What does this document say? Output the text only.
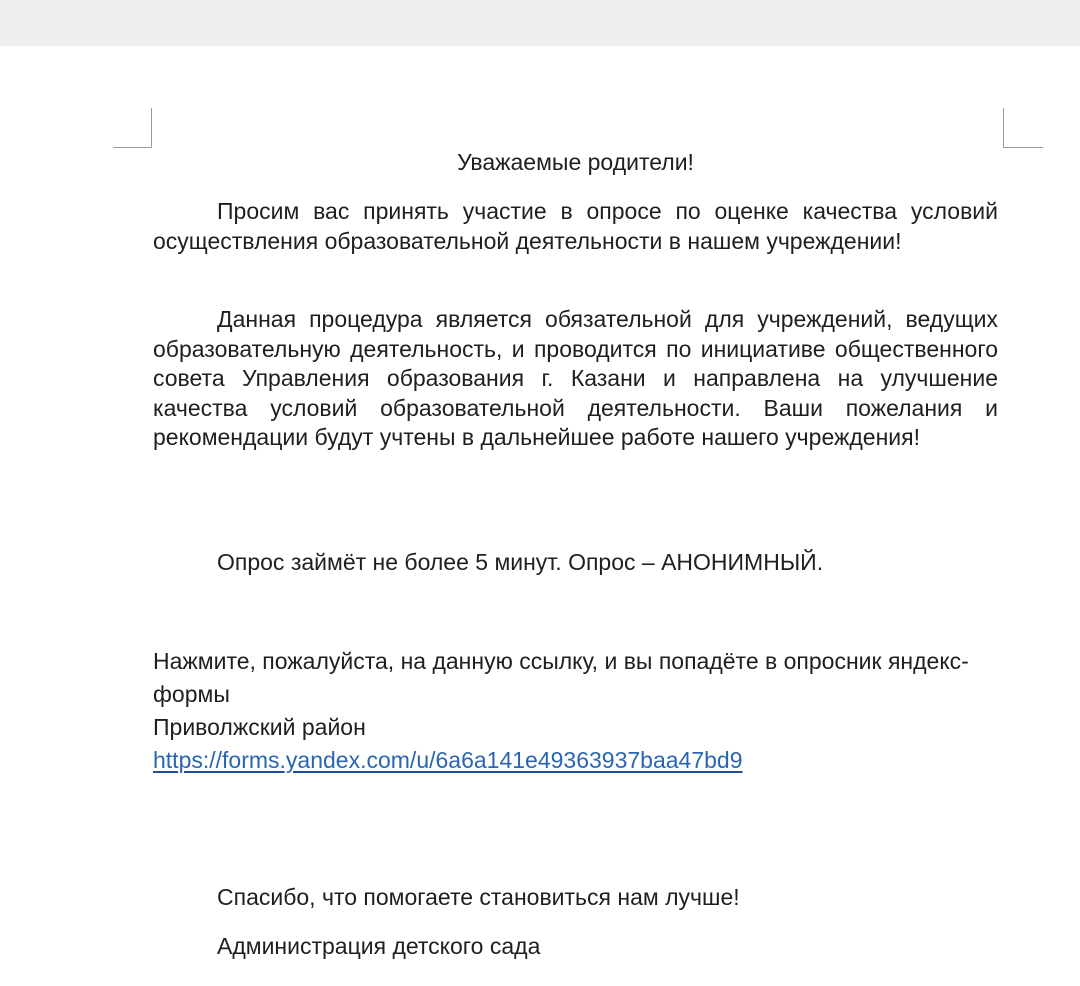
Уважаемые родители!

Просим вас принять участие в опросе по оценке качества условий осуществления образовательной деятельности в нашем учреждении!

Данная процедура является обязательной для учреждений, ведущих образовательную деятельность, и проводится по инициативе общественного совета Управления образования г. Казани и направлена на улучшение качества условий образовательной деятельности. Ваши пожелания и рекомендации будут учтены в дальнейшее работе нашего учреждения!

Опрос займёт не более 5 минут. Опрос – АНОНИМНЫЙ.

Нажмите, пожалуйста, на данную ссылку, и вы попадёте в опросник яндекс-формы

Приволжский район

https://forms.yandex.com/u/6a6a141e49363937baa47bd9

Спасибо, что помогаете становиться нам лучше!

Администрация детского сада
